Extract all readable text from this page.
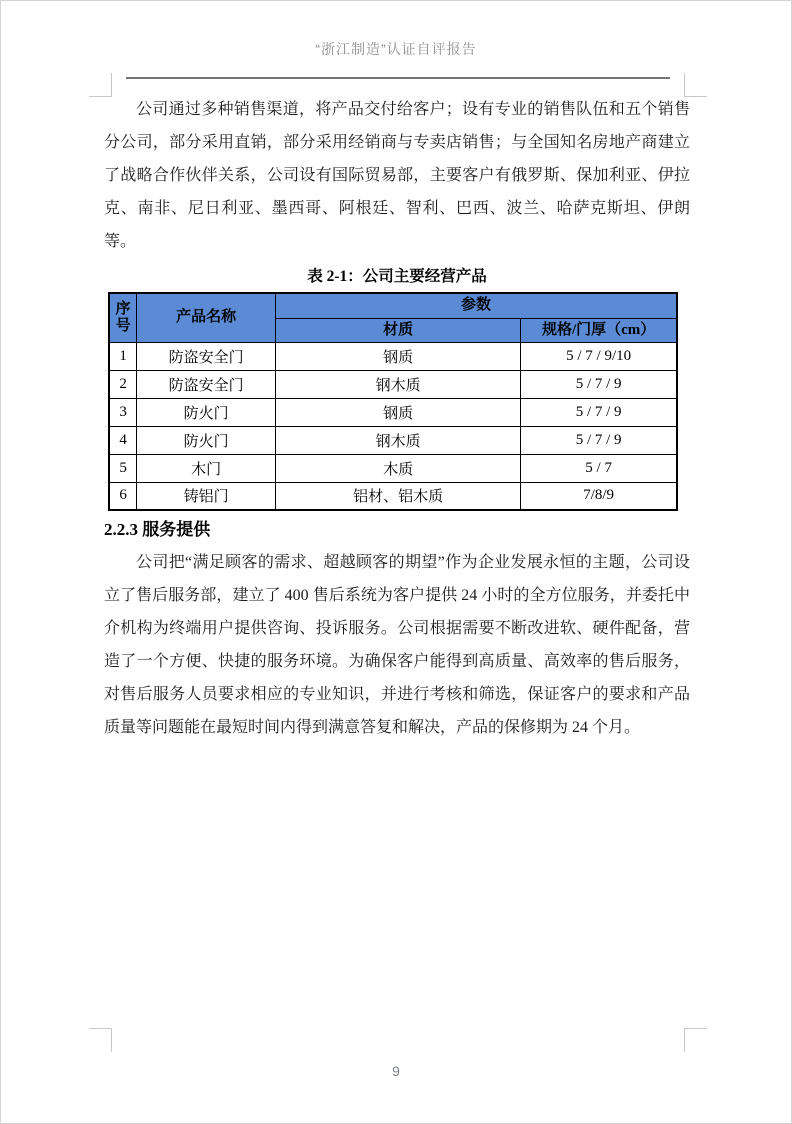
“浙江制造”认证自评报告

公司通过多种销售渠道，将产品交付给客户；设有专业的销售队伍和五个销售分公司，部分采用直销，部分采用经销商与专卖店销售；与全国知名房地产商建立了战略合作伙伴关系，公司设有国际贸易部，主要客户有俄罗斯、保加利亚、伊拉克、南非、尼日利亚、墨西哥、阿根廷、智利、巴西、波兰、哈萨克斯坦、伊朗等。

表 2-1：公司主要经营产品
序号	产品名称	参数	
		材质	规格/门厚（cm）
1	防盗安全门	钢质	5 / 7 / 9/10
2	防盗安全门	钢木质	5 / 7 / 9
3	防火门	钢质	5 / 7 / 9
4	防火门	钢木质	5 / 7 / 9
5	木门	木质	5 / 7
6	铸铝门	铝材、铝木质	7/8/9
2.2.3 服务提供

公司把“满足顾客的需求、超越顾客的期望”作为企业发展永恒的主题，公司设立了售后服务部，建立了 400 售后系统为客户提供 24 小时的全方位服务，并委托中介机构为终端用户提供咨询、投诉服务。公司根据需要不断改进软、硬件配备，营造了一个方便、快捷的服务环境。为确保客户能得到高质量、高效率的售后服务，对售后服务人员要求相应的专业知识，并进行考核和筛选，保证客户的要求和产品质量等问题能在最短时间内得到满意答复和解决，产品的保修期为 24 个月。

9
